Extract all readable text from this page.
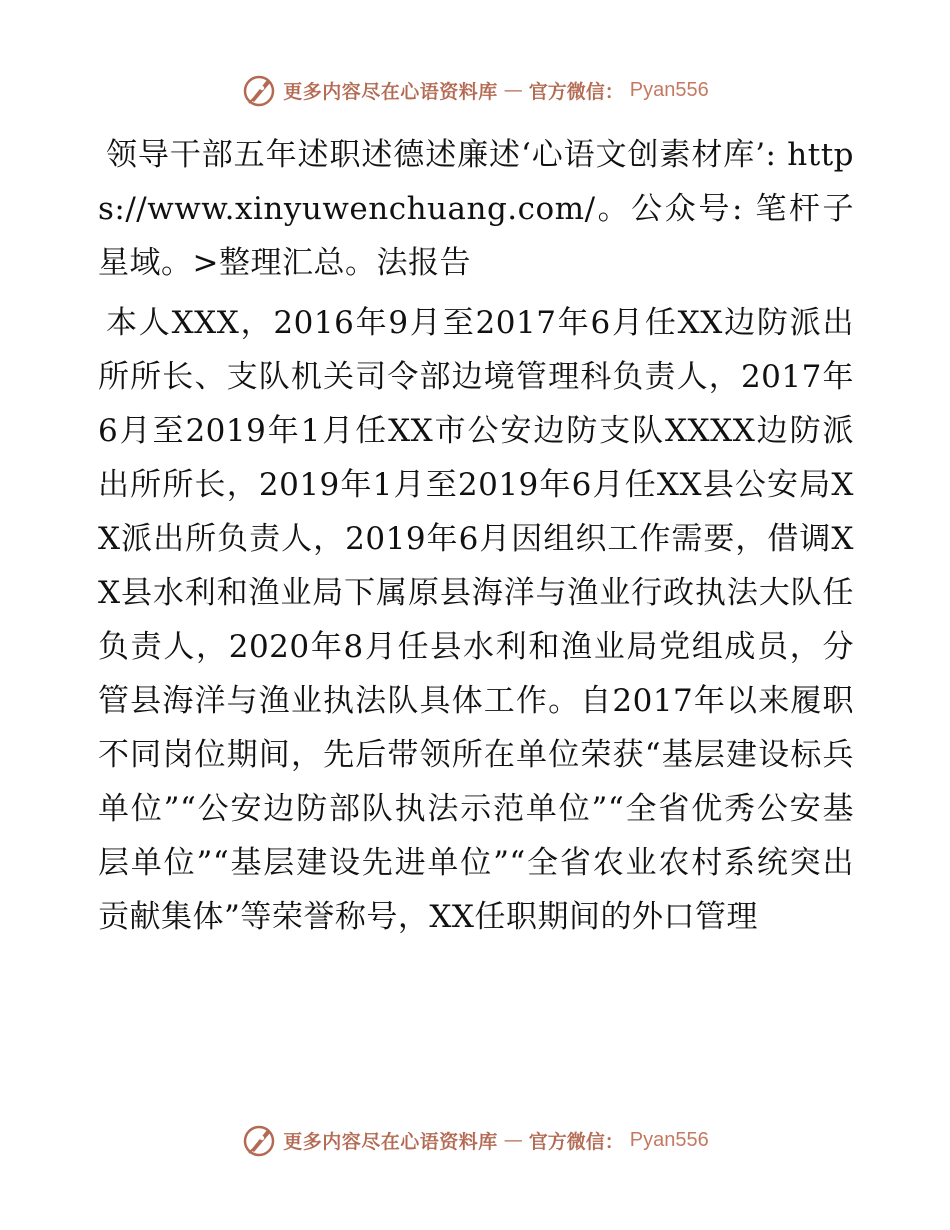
更多内容尽在心语资料库 — 官方微信： Pyan556

领导干部五年述职述德述廉述‘心语文创素材库’: https://www.xinyuwenchuang.com/。公众号: 笔杆子星域。>整理汇总。法报告

本人XXX，2016年9月至2017年6月任XX边防派出所所长、支队机关司令部边境管理科负责人，2017年6月至2019年1月任XX市公安边防支队XXXX边防派出所所长，2019年1月至2019年6月任XX县公安局XX派出所负责人，2019年6月因组织工作需要，借调XX县水利和渔业局下属原县海洋与渔业行政执法大队任负责人，2020年8月任县水利和渔业局党组成员，分管县海洋与渔业执法队具体工作。自2017年以来履职不同岗位期间，先后带领所在单位荣获“基层建设标兵单位”“公安边防部队执法示范单位”“全省优秀公安基层单位”“基层建设先进单位”“全省农业农村系统突出贡献集体”等荣誉称号，XX任职期间的外口管理

更多内容尽在心语资料库 — 官方微信： Pyan556
